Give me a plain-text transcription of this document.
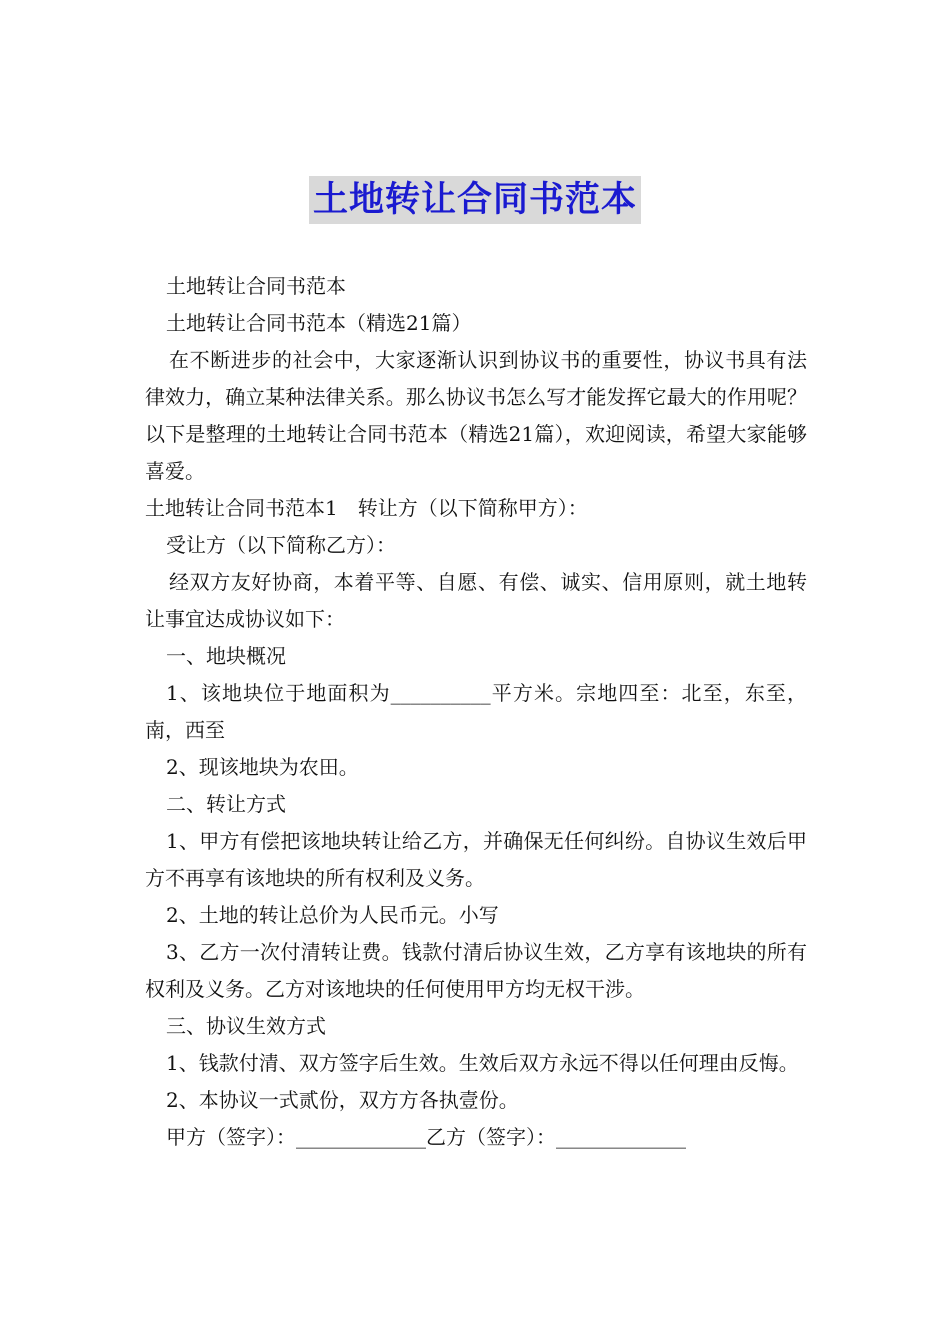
土地转让合同书范本

土地转让合同书范本

土地转让合同书范本（精选21篇）

在不断进步的社会中，大家逐渐认识到协议书的重要性，协议书具有法律效力，确立某种法律关系。那么协议书怎么写才能发挥它最大的作用呢？以下是整理的土地转让合同书范本（精选21篇），欢迎阅读，希望大家能够喜爱。

土地转让合同书范本1　转让方（以下简称甲方）：

受让方（以下简称乙方）：

经双方友好协商，本着平等、自愿、有偿、诚实、信用原则，就土地转让事宜达成协议如下：

一、地块概况

1、该地块位于地面积为__________平方米。宗地四至：北至，东至，南，西至

2、现该地块为农田。

二、转让方式

1、甲方有偿把该地块转让给乙方，并确保无任何纠纷。自协议生效后甲方不再享有该地块的所有权利及义务。

2、土地的转让总价为人民币元。小写

3、乙方一次付清转让费。钱款付清后协议生效，乙方享有该地块的所有权利及义务。乙方对该地块的任何使用甲方均无权干涉。

三、协议生效方式

1、钱款付清、双方签字后生效。生效后双方永远不得以任何理由反悔。

2、本协议一式贰份，双方方各执壹份。

甲方（签字）：_____________乙方（签字）：_____________
